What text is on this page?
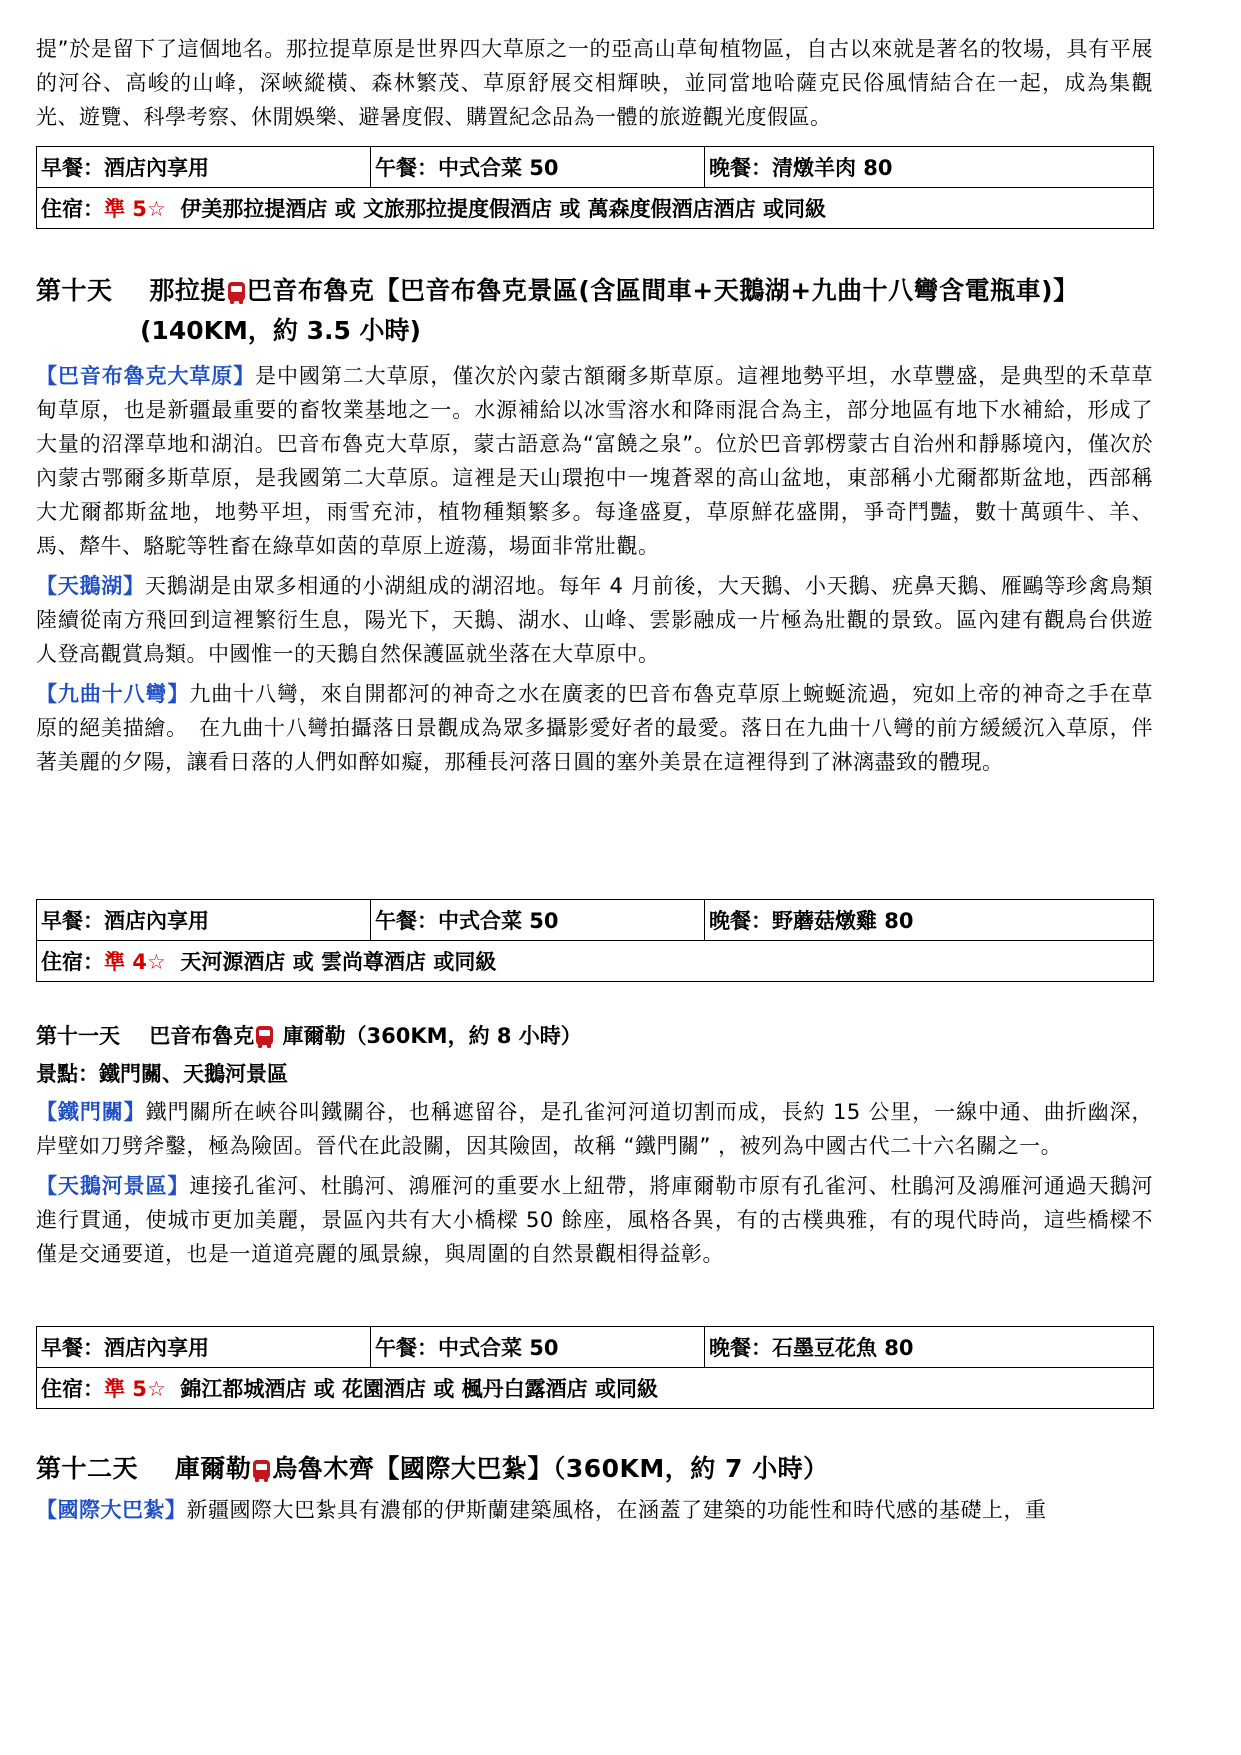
提”於是留下了這個地名。那拉提草原是世界四大草原之一的亞高山草甸植物區，自古以來就是著名的牧場，具有平展的河谷、高峻的山峰，深峽縱橫、森林繁茂、草原舒展交相輝映，並同當地哈薩克民俗風情結合在一起，成為集觀光、遊覽、科學考察、休閒娛樂、避暑度假、購置紀念品為一體的旅遊觀光度假區。

早餐：酒店內享用	午餐：中式合菜 50	晚餐：清燉羊肉 80
住宿：準 5☆ 伊美那拉提酒店 或 文旅那拉提度假酒店 或 萬森度假酒店酒店 或同級

第十天 那拉提 巴音布魯克【巴音布魯克景區(含區間車+天鵝湖+九曲十八彎含電瓶車)】

(140KM，約 3.5 小時)

【巴音布魯克大草原】是中國第二大草原，僅次於內蒙古額爾多斯草原。這裡地勢平坦，水草豐盛，是典型的禾草草甸草原，也是新疆最重要的畜牧業基地之一。水源補給以冰雪溶水和降雨混合為主，部分地區有地下水補給，形成了大量的沼澤草地和湖泊。巴音布魯克大草原，蒙古語意為“富饒之泉”。位於巴音郭楞蒙古自治州和靜縣境內，僅次於內蒙古鄂爾多斯草原，是我國第二大草原。這裡是天山環抱中一塊蒼翠的高山盆地，東部稱小尤爾都斯盆地，西部稱大尤爾都斯盆地，地勢平坦，雨雪充沛，植物種類繁多。每逢盛夏，草原鮮花盛開，爭奇鬥豔，數十萬頭牛、羊、馬、犛牛、駱駝等牲畜在綠草如茵的草原上遊蕩，場面非常壯觀。

【天鵝湖】天鵝湖是由眾多相通的小湖組成的湖沼地。每年 4 月前後，大天鵝、小天鵝、疣鼻天鵝、雁鷗等珍禽鳥類陸續從南方飛回到這裡繁衍生息，陽光下，天鵝、湖水、山峰、雲影融成一片極為壯觀的景致。區內建有觀鳥台供遊人登高觀賞鳥類。中國惟一的天鵝自然保護區就坐落在大草原中。

【九曲十八彎】九曲十八彎，來自開都河的神奇之水在廣袤的巴音布魯克草原上蜿蜒流過，宛如上帝的神奇之手在草原的絕美描繪。　在九曲十八彎拍攝落日景觀成為眾多攝影愛好者的最愛。落日在九曲十八彎的前方緩緩沉入草原，伴著美麗的夕陽，讓看日落的人們如醉如癡，那種長河落日圓的塞外美景在這裡得到了淋漓盡致的體現。

早餐：酒店內享用	午餐：中式合菜 50	晚餐：野蘑菇燉雞 80
住宿：準 4☆ 天河源酒店 或 雲尚尊酒店 或同級

第十一天 巴音布魯克 庫爾勒（360KM，約 8 小時）

景點：鐵門關、天鵝河景區

【鐵門關】鐵門關所在峽谷叫鐵關谷，也稱遮留谷，是孔雀河河道切割而成，長約 15 公里，一線中通、曲折幽深，岸壁如刀劈斧鑿，極為險固。晉代在此設關，因其險固，故稱 “鐵門關” ，被列為中國古代二十六名關之一。

【天鵝河景區】連接孔雀河、杜鵑河、鴻雁河的重要水上紐帶，將庫爾勒市原有孔雀河、杜鵑河及鴻雁河通過天鵝河進行貫通，使城市更加美麗，景區內共有大小橋樑 50 餘座，風格各異，有的古樸典雅，有的現代時尚，這些橋樑不僅是交通要道，也是一道道亮麗的風景線，與周圍的自然景觀相得益彰。

早餐：酒店內享用	午餐：中式合菜 50	晚餐：石墨豆花魚 80
住宿：準 5☆ 錦江都城酒店 或 花園酒店 或 楓丹白露酒店 或同級

第十二天 庫爾勒 烏魯木齊【國際大巴紮】（360KM，約 7 小時）

【國際大巴紮】新疆國際大巴紮具有濃郁的伊斯蘭建築風格，在涵蓋了建築的功能性和時代感的基礎上，重
